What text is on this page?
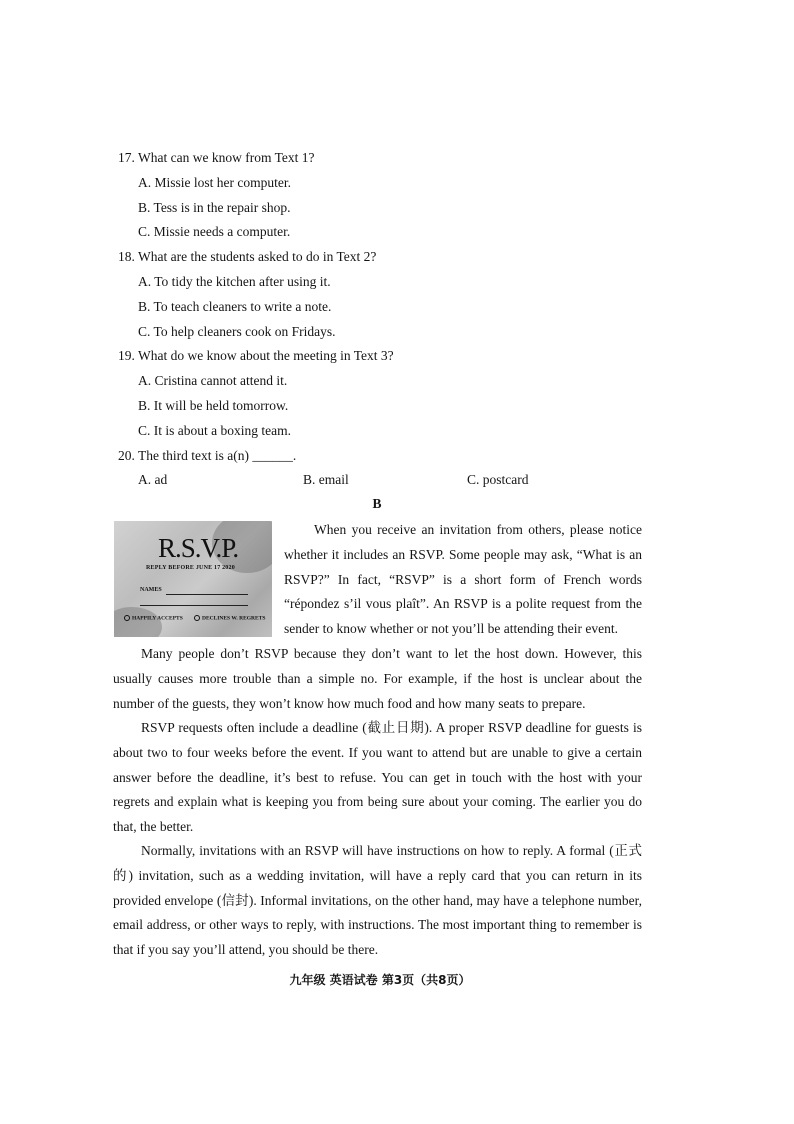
17. What can we know from Text 1?
A. Missie lost her computer.
B. Tess is in the repair shop.
C. Missie needs a computer.
18. What are the students asked to do in Text 2?
A. To tidy the kitchen after using it.
B. To teach cleaners to write a note.
C. To help cleaners cook on Fridays.
19. What do we know about the meeting in Text 3?
A. Cristina cannot attend it.
B. It will be held tomorrow.
C. It is about a boxing team.
20. The third text is a(n) ______.
A. ad	B. email	C. postcard
B
R.S.V.P.
REPLY BEFORE JUNE 17 2020
NAMES
HAPPILY ACCEPTS	DECLINES W. REGRETS
When you receive an invitation from others, please notice whether it includes an RSVP. Some people may ask, “What is an RSVP?” In fact, “RSVP” is a short form of French words “répondez s’il vous plaît”. An RSVP is a polite request from the sender to know whether or not you’ll be attending their event.
Many people don’t RSVP because they don’t want to let the host down. However, this usually causes more trouble than a simple no. For example, if the host is unclear about the number of the guests, they won’t know how much food and how many seats to prepare.
RSVP requests often include a deadline (截止日期). A proper RSVP deadline for guests is about two to four weeks before the event. If you want to attend but are unable to give a certain answer before the deadline, it’s best to refuse. You can get in touch with the host with your regrets and explain what is keeping you from being sure about your coming. The earlier you do that, the better.
Normally, invitations with an RSVP will have instructions on how to reply. A formal (正式的) invitation, such as a wedding invitation, will have a reply card that you can return in its provided envelope (信封). Informal invitations, on the other hand, may have a telephone number, email address, or other ways to reply, with instructions. The most important thing to remember is that if you say you’ll attend, you should be there.
九年级 英语试卷 第3页（共8页）
